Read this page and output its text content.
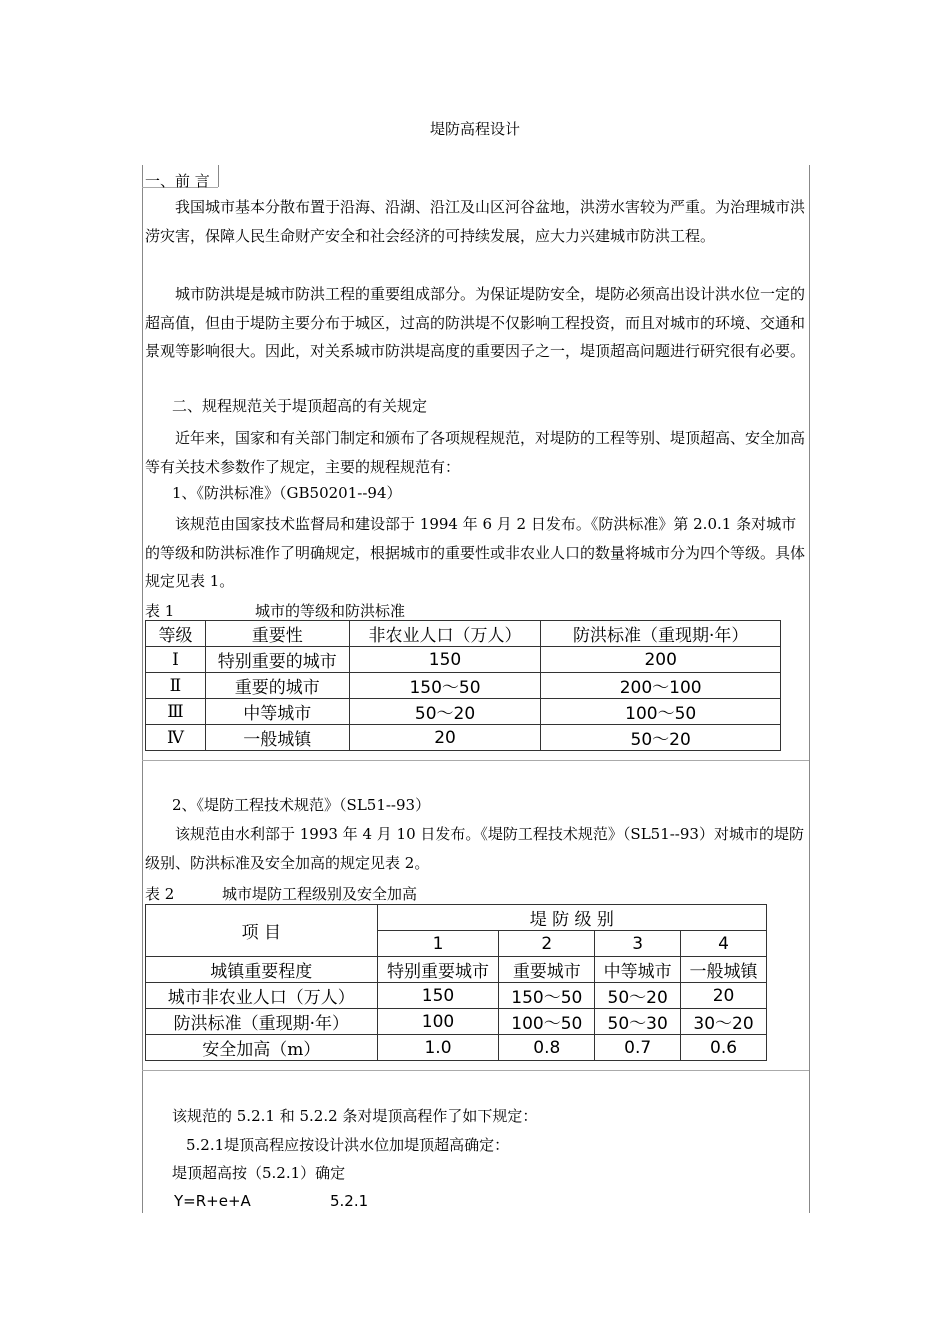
堤防高程设计
一、前 言
我国城市基本分散布置于沿海、沿湖、沿江及山区河谷盆地，洪涝水害较为严重。为治理城市洪涝灾害，保障人民生命财产安全和社会经济的可持续发展，应大力兴建城市防洪工程。
城市防洪堤是城市防洪工程的重要组成部分。为保证堤防安全，堤防必须高出设计洪水位一定的超高值，但由于堤防主要分布于城区，过高的防洪堤不仅影响工程投资，而且对城市的环境、交通和景观等影响很大。因此，对关系城市防洪堤高度的重要因子之一，堤顶超高问题进行研究很有必要。
二、规程规范关于堤顶超高的有关规定
近年来，国家和有关部门制定和颁布了各项规程规范，对堤防的工程等别、堤顶超高、安全加高等有关技术参数作了规定，主要的规程规范有：
1、《防洪标准》（GB50201--94）
该规范由国家技术监督局和建设部于 1994 年 6 月 2 日发布。《防洪标准》第 2.0.1 条对城市的等级和防洪标准作了明确规定，根据城市的重要性或非农业人口的数量将城市分为四个等级。具体规定见表 1。
表 1	城市的等级和防洪标准
等级	重要性	非农业人口（万人）	防洪标准（重现期·年）
Ⅰ	特别重要的城市	150	200
Ⅱ	重要的城市	150～50	200～100
Ⅲ	中等城市	50～20	100～50
Ⅳ	一般城镇	20	50～20
2、《堤防工程技术规范》（SL51--93）
该规范由水利部于 1993 年 4 月 10 日发布。《堤防工程技术规范》（SL51--93）对城市的堤防级别、防洪标准及安全加高的规定见表 2。
表 2	城市堤防工程级别及安全加高
项 目	堤 防 级 别			
	1	2	3	4
城镇重要程度	特别重要城市	重要城市	中等城市	一般城镇
城市非农业人口（万人）	150	150～50	50～20	20
防洪标准（重现期·年）	100	100～50	50～30	30～20
安全加高（m）	1.0	0.8	0.7	0.6
该规范的 5.2.1 和 5.2.2 条对堤顶高程作了如下规定：
5.2.1堤顶高程应按设计洪水位加堤顶超高确定：
堤顶超高按（5.2.1）确定
Y=R+e+A	5.2.1
